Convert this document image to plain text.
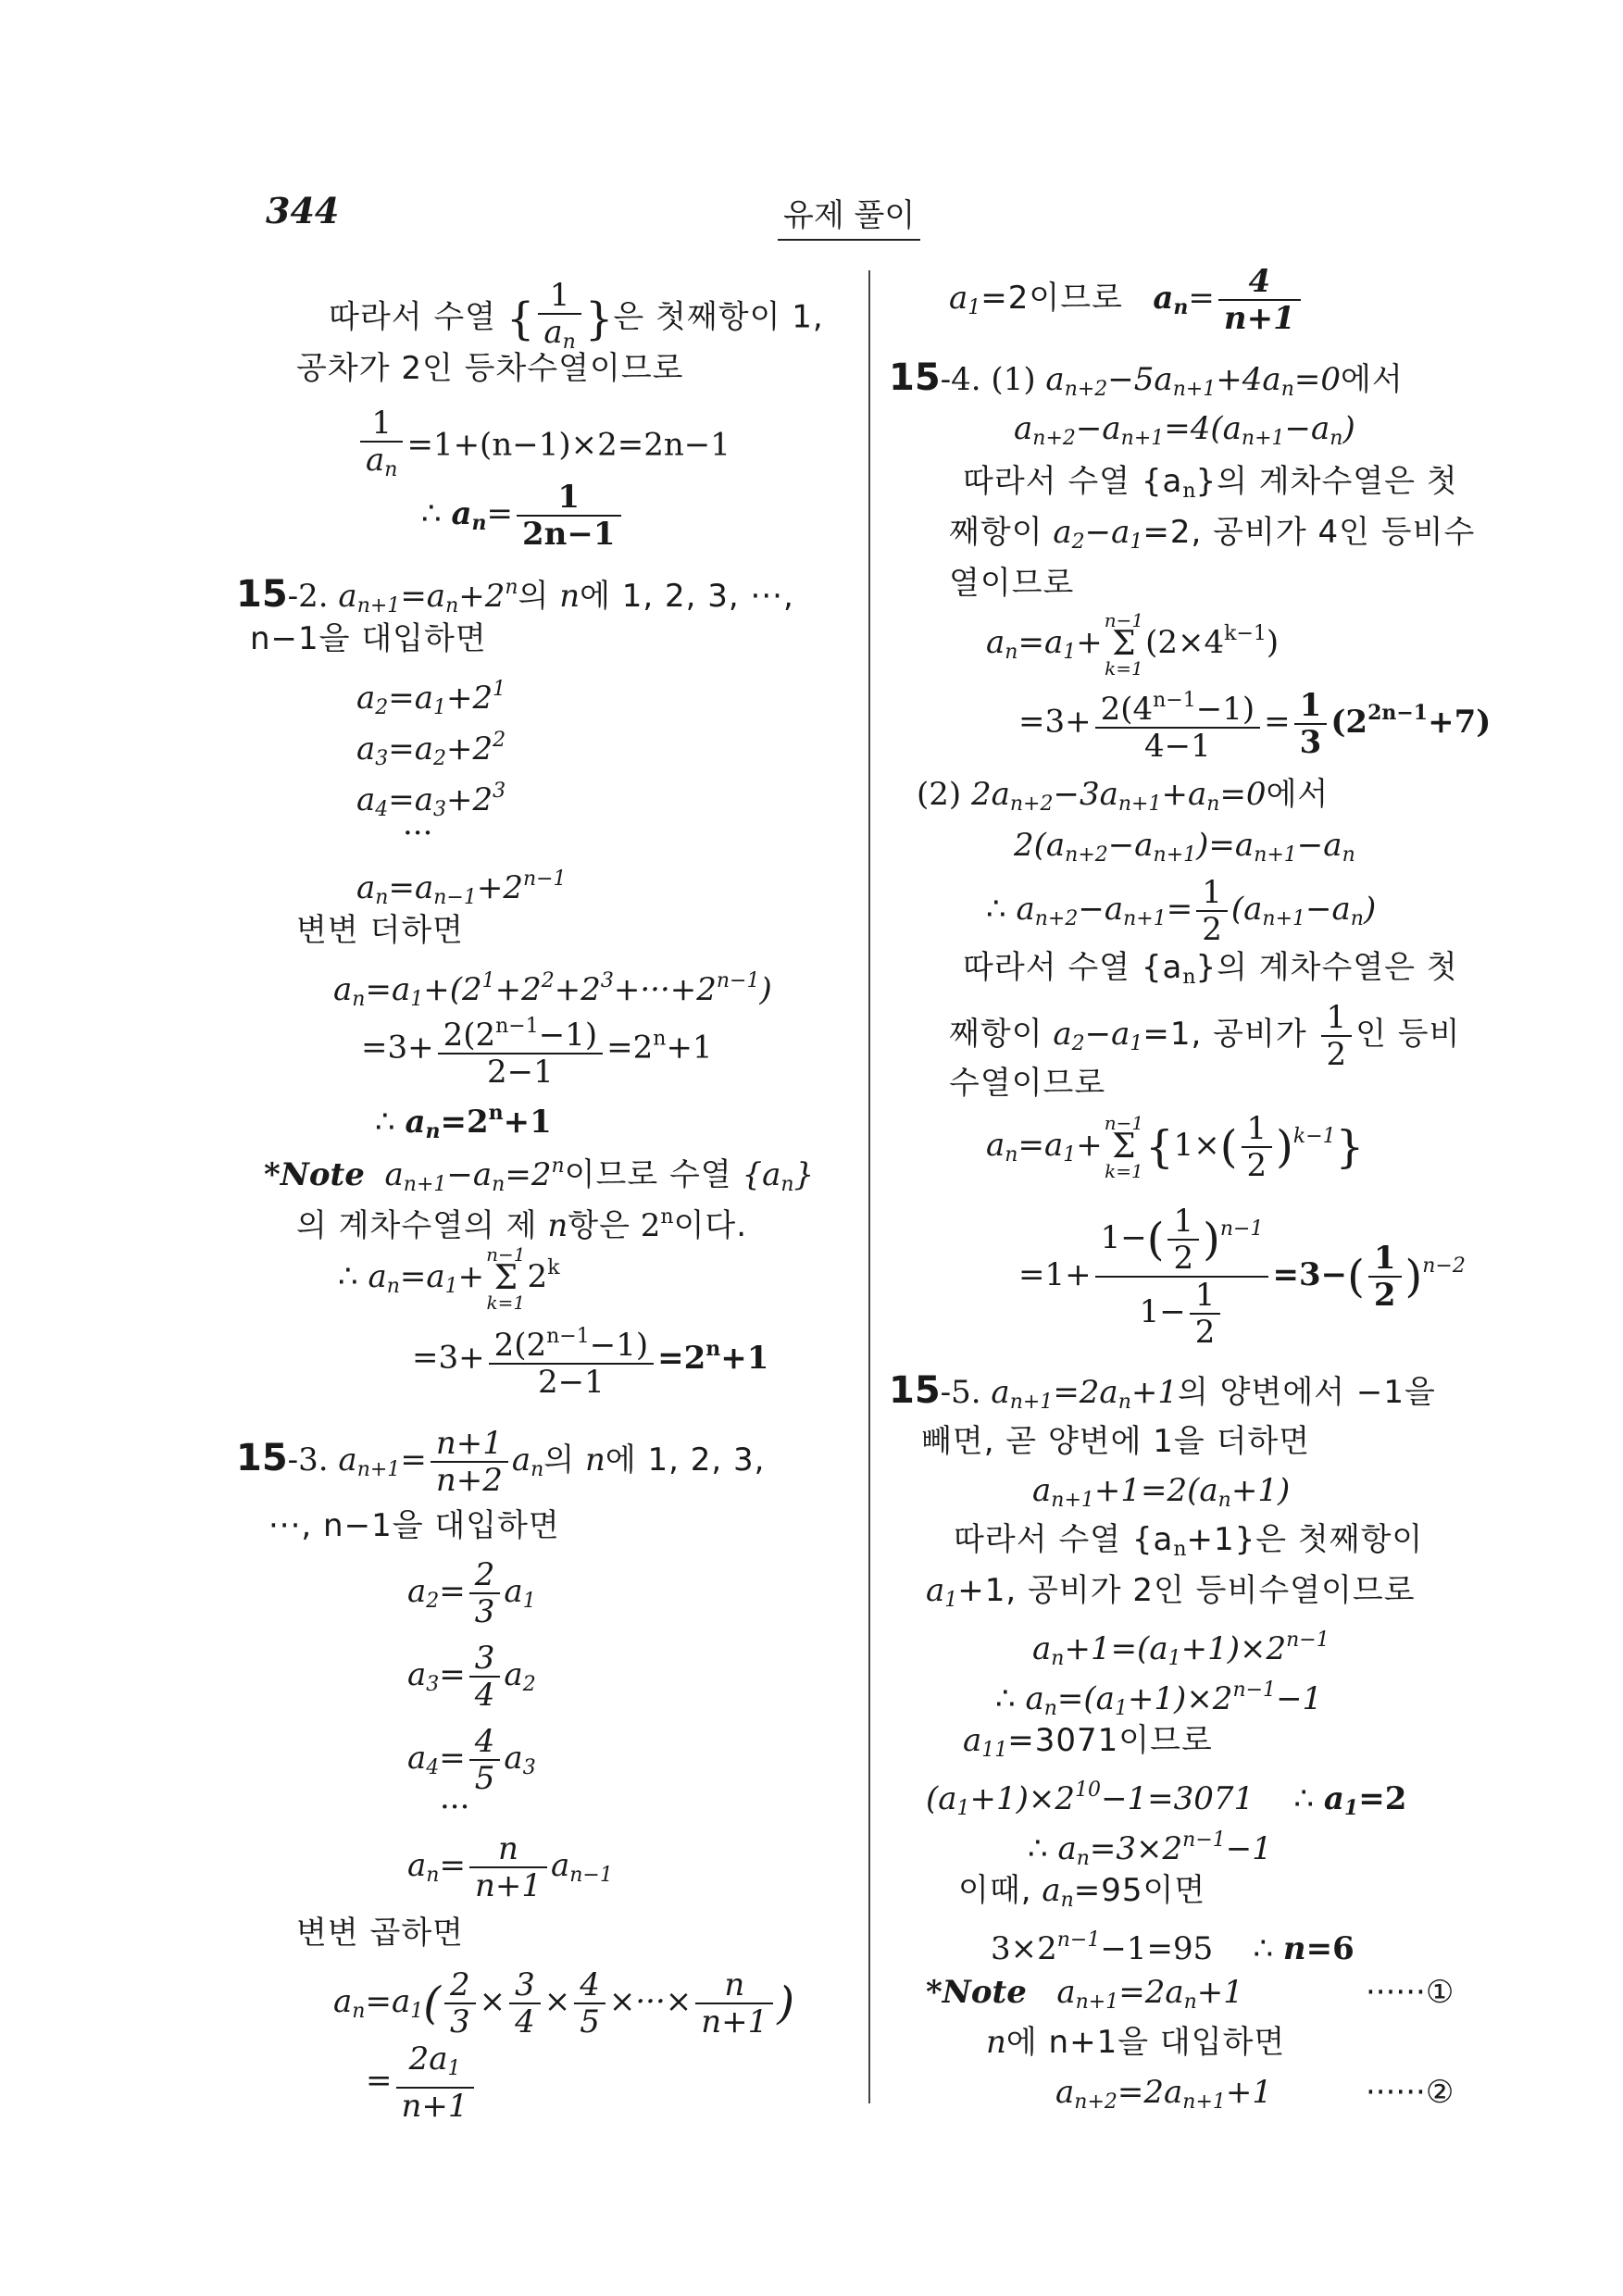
344	유제 풀이
따라서 수열 { $\frac{1}{a_n}$ }은 첫째항이 1,
공차가 2인 등차수열이므로
$\frac{1}{a_n} =1+(n-1)\times 2=2n-1$
∴ $a_n= \frac{1}{2n-1}$
15-2. $a_{n+1}=a_n+2^n$의 n에 1, 2, 3, ···,
n−1을 대입하면
$a_2=a_1+2^1$
$a_3=a_2+2^2$
$a_4=a_3+2^3$
···
$a_n=a_{n-1}+2^{n-1}$
변변 더하면
$a_n=a_1+(2^1+2^2+2^3+\cdot\cdot\cdot+2^{n-1})$
$=3+ \frac{2(2^{n-1}-1)}{2-1} =2^n+1$
∴ $a_n=2^n+1$
*Note $a_{n+1}-a_n=2^n$이므로 수열 $\{a_n\}$
의 계차수열의 제 n항은 2$^n$이다.
∴ $a_n=a_1+n-1$
Σ
$k=12^k$
$=3+ \frac{2(2^{n-1}-1)}{2-1} =2^n+1$
15-3. $a_{n+1}= \frac{n+1}{n+2} a_n$의 n에 1, 2, 3,
···, n−1을 대입하면
$a_2= \frac{2}{3} a_1$
$a_3= \frac{3}{4} a_2$
$a_4= \frac{4}{5} a_3$
···
$a_n= \frac{n}{n+1} a_{n-1}$
변변 곱하면
$a_n=a_1( \frac{2}{3} \times \frac{3}{4} \times \frac{4}{5}$ ×···× $\frac{n}{n+1}$ )
= $\frac{2a_1}{n+1}$
$a_1=2$이므로 $a_n= \frac{4}{n+1}$
15-4. (1) $a_{n+2}-5a_{n+1}+4a_n=0$에서
$a_{n+2}-a_{n+1}=4(a_{n+1}-a_n)$
따라서 수열 $\{a_n\}$의 계차수열은 첫
째항이 $a_2-a_1=2$, 공비가 4인 등비수
열이므로
$a_n=a_1+n-1$
Σ
$k=1(2\times 4^{k-1})$
$=3+ \frac{2(4^{n-1}-1)}{4-1} = \frac{1}{3} (2^{2n-1}+7)$
(2) $2a_{n+2}-3a_{n+1}+a_n=0$에서
$2(a_{n+2}-a_{n+1})=a_{n+1}-a_n$
∴ $a_{n+2}-a_{n+1}= \frac{1}{2} (a_{n+1}-a_n)$
따라서 수열 $\{a_n\}$의 계차수열은 첫
째항이 $a_2-a_1=1$, 공비가 $\frac{1}{2}$ 인 등비
수열이므로
$a_n=a_1+n-1$
Σ
$k=1\{1\times( \frac{1}{2} )^{k-1}\}$
$=1+ \frac{1-( \frac{1}{2} )^{n-1}}{1- \frac{1}{2}} =3-( \frac{1}{2} )^{n-2}$
15-5. $a_{n+1}=2a_n+1$의 양변에서 −1을
빼면, 곧 양변에 1을 더하면
$a_{n+1}+1=2(a_n+1)$
따라서 수열 $\{a_n+1\}$은 첫째항이
$a_1+1$, 공비가 2인 등비수열이므로
$a_n+1=(a_1+1)\times 2^{n-1}$
∴ $a_n=(a_1+1)\times 2^{n-1}-1$
$a_{11}=3071$이므로
$(a_1+1)\times 2^{10}-1=3071$    ∴ $a_1=2$
∴ $a_n=3\times 2^{n-1}-1$
이때, $a_n=95$이면
$3\times 2^{n-1}-1=95$    ∴ n=6
*Note $a_{n+1}=2a_n+1$	······①
n에 n+1을 대입하면
$a_{n+2}=2a_{n+1}+1$	······②
